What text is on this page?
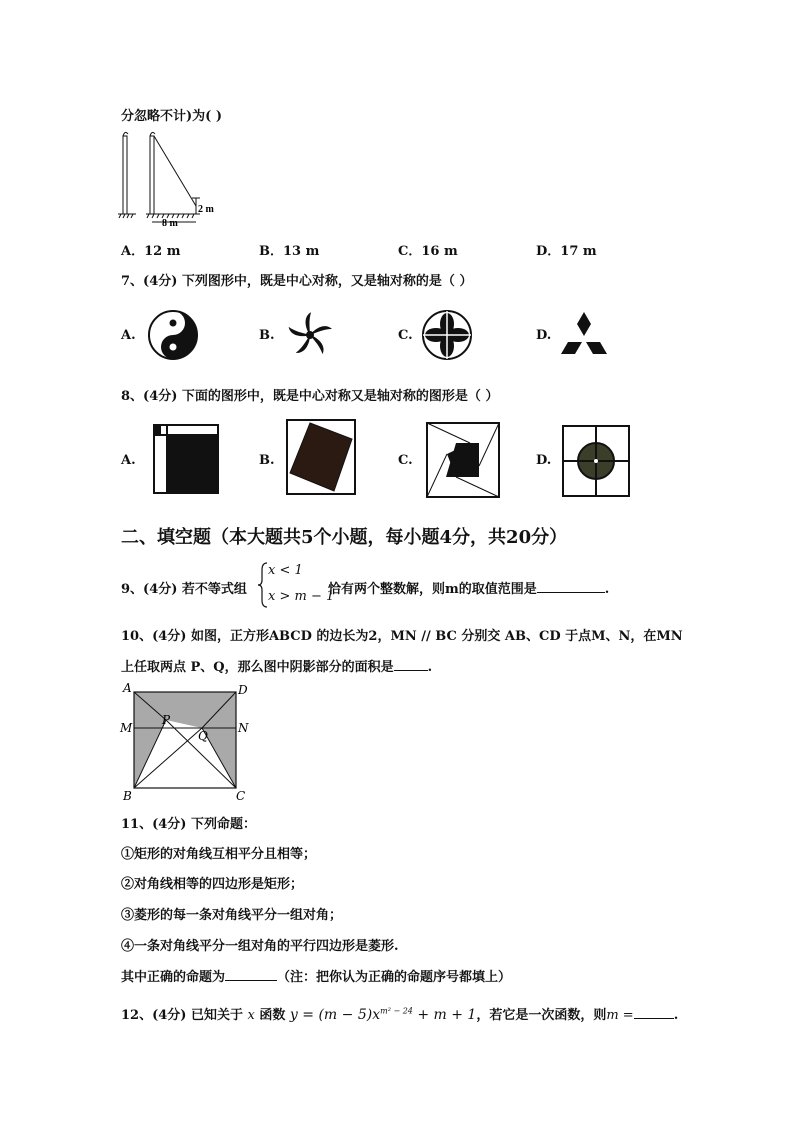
分忽略不计)为( )
2 m
8 m
A．12 m	B．13 m	C．16 m	D．17 m
7、(4分) 下列图形中，既是中心对称，又是轴对称的是（ ）
A.	B.	C.	D.
8、(4分) 下面的图形中，既是中心对称又是轴对称的图形是（ ）
A.	B.	C.	D.
二、填空题（本大题共5个小题，每小题4分，共20分）
9、(4分) 若不等式组
x < 1
x > m − 1
恰有两个整数解，则m的取值范围是	.
10、(4分) 如图，正方形ABCD 的边长为2，MN // BC 分别交 AB、CD 于点M、N，在MN
上任取两点 P、Q，那么图中阴影部分的面积是	.
A	D
M	N
P
Q
B	C
11、(4分) 下列命题：
①矩形的对角线互相平分且相等；
②对角线相等的四边形是矩形；
③菱形的每一条对角线平分一组对角；
④一条对角线平分一组对角的平行四边形是菱形.
其中正确的命题为	（注：把你认为正确的命题序号都填上）
12、(4分) 已知关于 x 函数 $y = (m - 5)x^{m^2 - 24} + m + 1$，若它是一次函数，则m =	.
